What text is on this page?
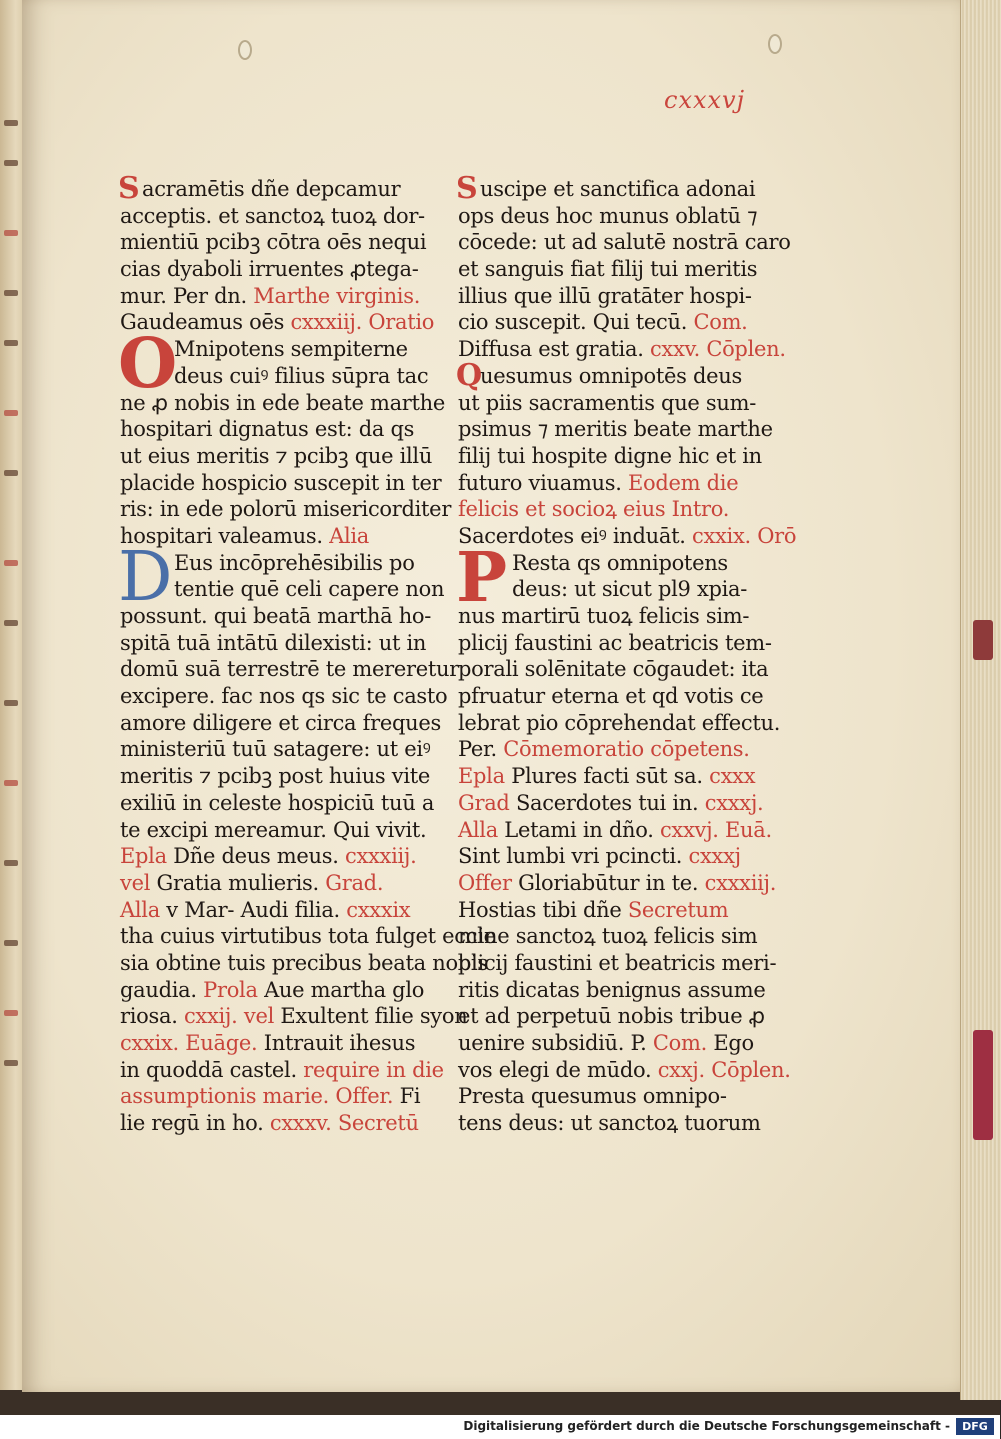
cxxxvj
S acramētis dñe depcamur
acceptis. et sanctoꝝ tuoꝝ dor-
mientiū pcibꝫ cōtra oēs nequi
cias dyaboli irruentes ꝓtega-
mur. Per dn. Marthe virginis.
Gaudeamus oēs cxxxiij. Oratio
O
Mnipotens sempiterne
deus cuiꝰ filius sūpra tac
ne ꝓ nobis in ede beate marthe
hospitari dignatus est: da qs
ut eius meritis ⁊ pcibꝫ que illū
placide hospicio suscepit in ter
ris: in ede polorū misericorditer
hospitari valeamus. Alia
D Eus incōprehēsibilis po
tentie quē celi capere non
possunt. qui beatā marthā ho-
spitā tuā intātū dilexisti: ut in
domū suā terrestrē te mereretur
excipere. fac nos qs sic te casto
amore diligere et circa freques
ministeriū tuū satagere: ut eiꝰ
meritis ⁊ pcibꝫ post huius vite
exiliū in celeste hospiciū tuū a
te excipi mereamur. Qui vivit.
Epla Dñe deus meus. cxxxiij.
vel Gratia mulieris. Grad.
Alla v Mar- Audi filia. cxxxix
tha cuius virtutibus tota fulget eccle
sia obtine tuis precibus beata nobis
gaudia. Prola Aue martha glo
riosa. cxxij. vel Exultent filie syon
cxxix. Euāge. Intrauit ihesus
in quoddā castel. require in die
assumptionis marie. Offer. Fi
lie regū in ho. cxxxv. Secretū
S uscipe et sanctifica adonai
ops deus hoc munus oblatū ⁊
cōcede: ut ad salutē nostrā caro
et sanguis fiat filij tui meritis
illius que illū gratāter hospi-
cio suscepit. Qui tecū. Com.
Diffusa est gratia. cxxv. Cōplen.
Q
uesumus omnipotēs deus
ut piis sacramentis que sum-
psimus ⁊ meritis beate marthe
filij tui hospite digne hic et in
futuro viuamus. Eodem die
felicis et socioꝝ eius Intro.
Sacerdotes eiꝰ induāt. cxxix. Orō
P Resta qs omnipotens
deus: ut sicut pl9 xpia-
nus martirū tuoꝝ felicis sim-
plicij faustini ac beatricis tem-
porali solēnitate cōgaudet: ita
pfruatur eterna et qd votis ce
lebrat pio cōprehendat effectu.
Per. Cōmemoratio cōpetens.
Epla Plures facti sūt sa. cxxx
Grad Sacerdotes tui in. cxxxj.
Alla Letami in dño. cxxvj. Euā.
Sint lumbi vri pcincti. cxxxj
Offer Gloriabūtur in te. cxxxiij.
Hostias tibi dñe Secretum
mine sanctoꝝ tuoꝝ felicis sim
plicij faustini et beatricis meri-
ritis dicatas benignus assume
et ad perpetuū nobis tribue ꝓ
uenire subsidiū. P. Com. Ego
vos elegi de mūdo. cxxj. Cōplen.
Presta quesumus omnipo-
tens deus: ut sanctoꝝ tuorum
Digitalisierung gefördert durch die Deutsche Forschungsgemeinschaft -	DFG
